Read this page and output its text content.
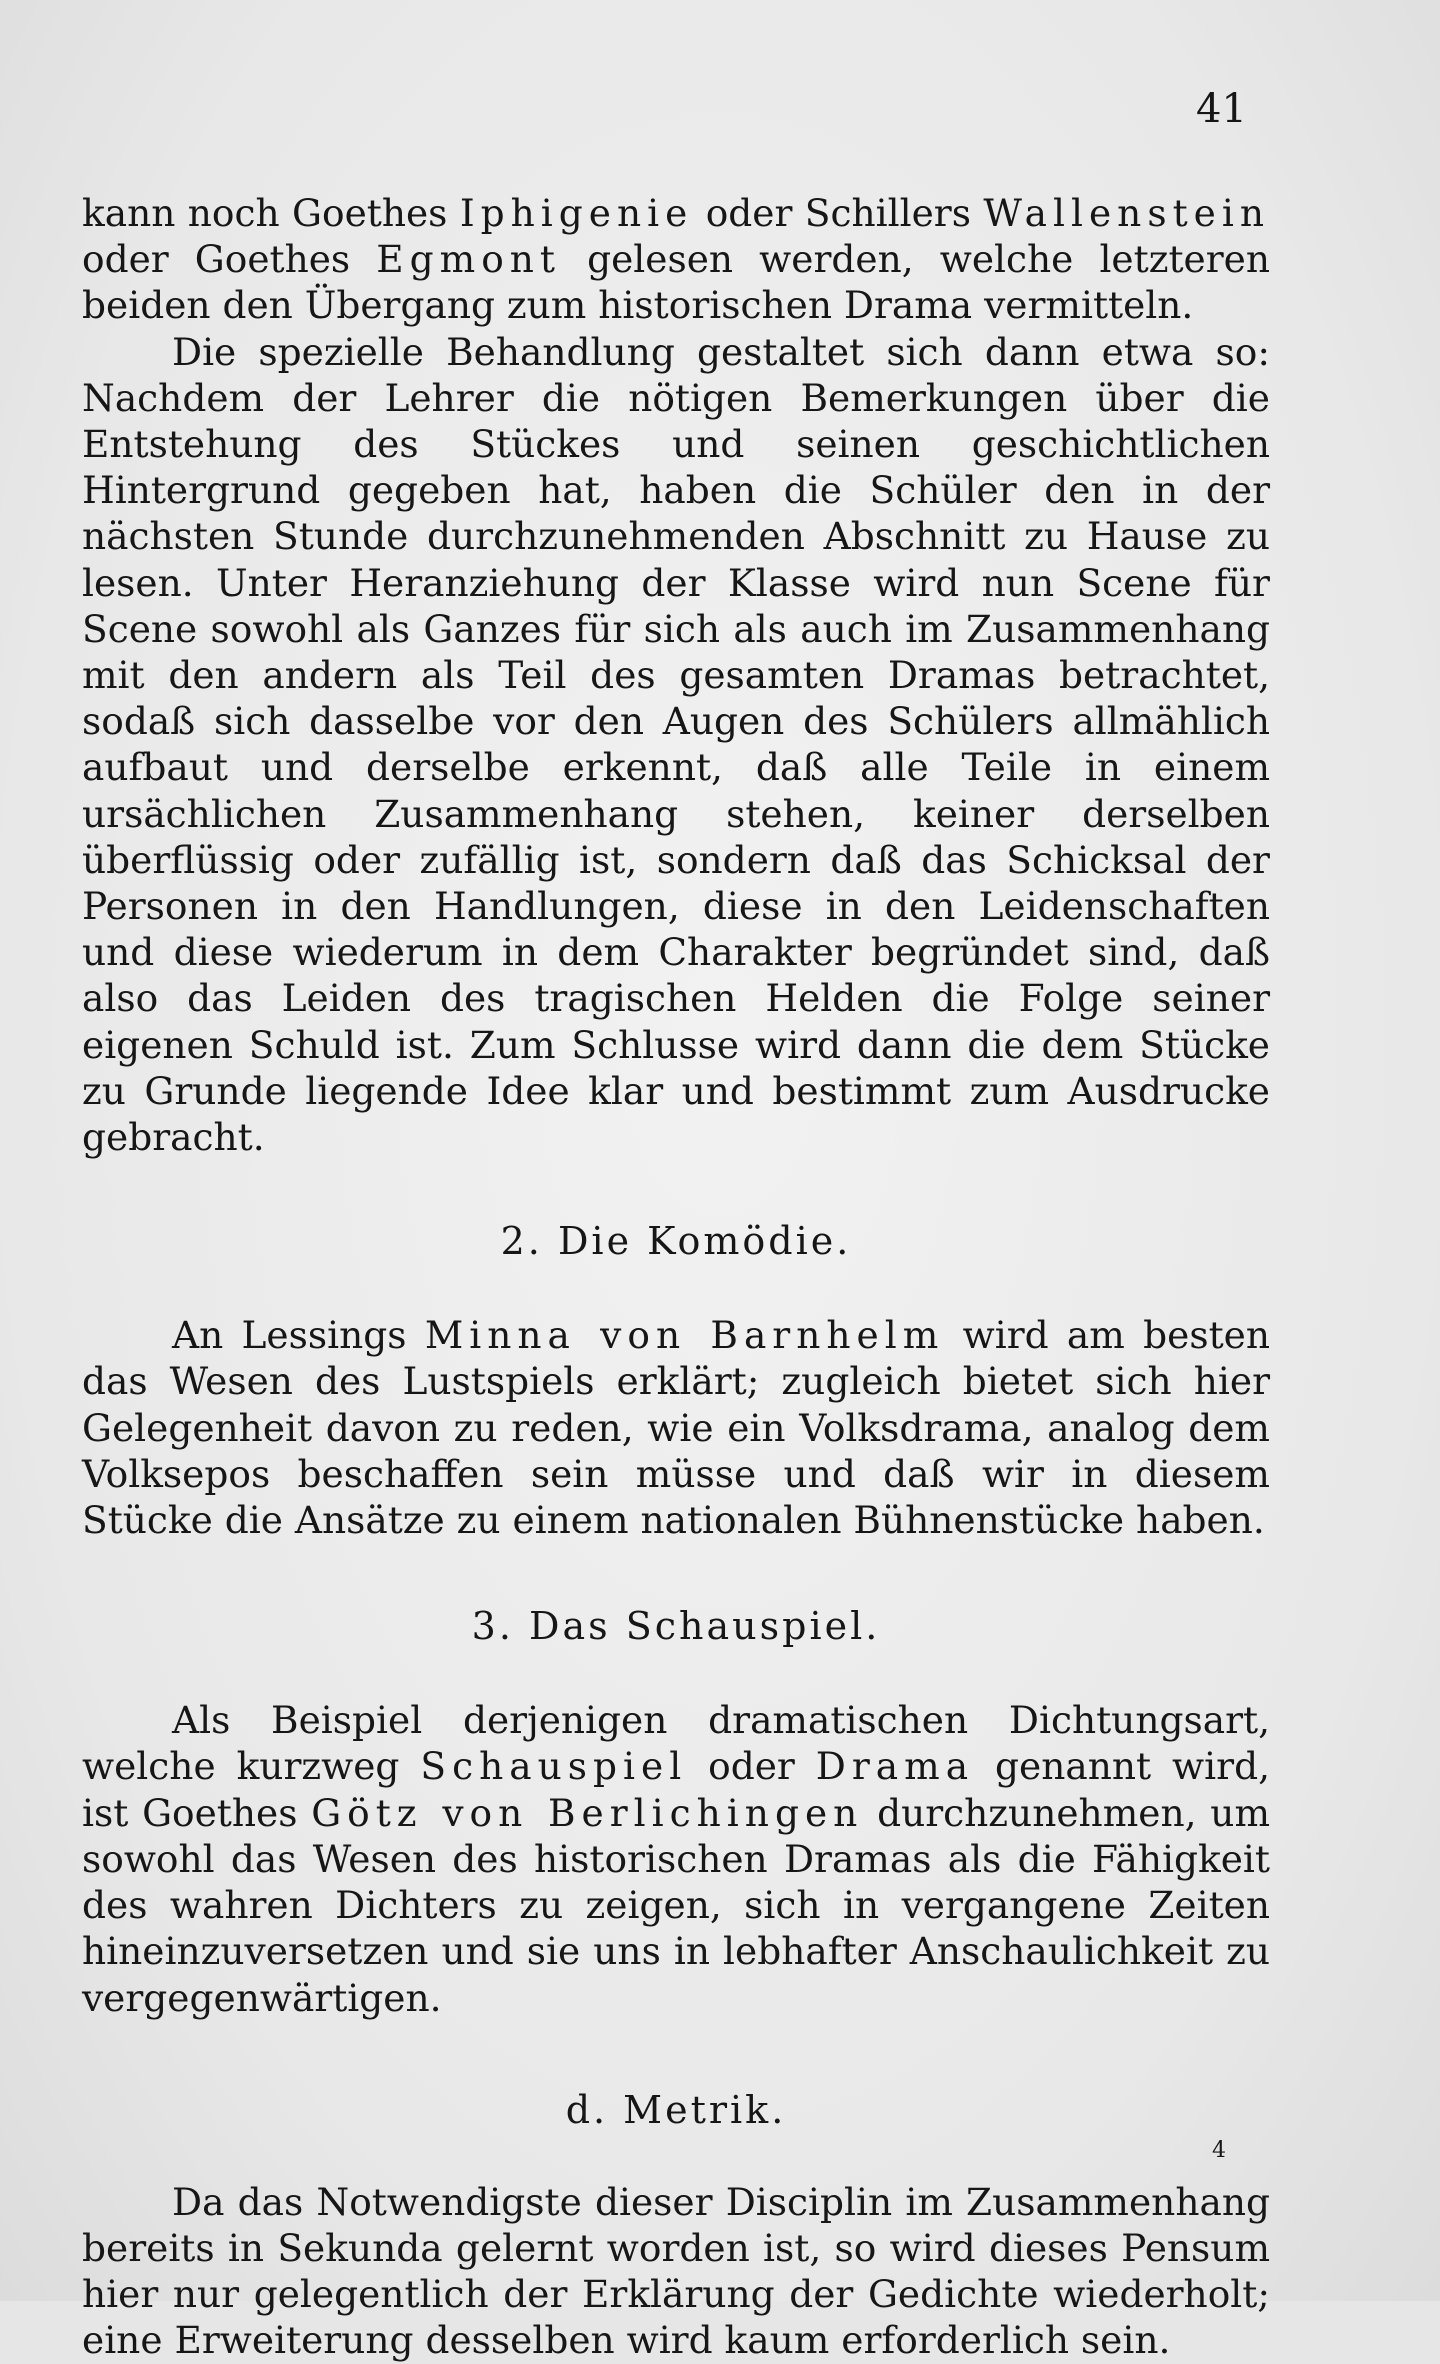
41

kann noch Goethes Iphigenie oder Schillers Wallenstein oder Goethes Egmont gelesen werden, welche letzteren beiden den Übergang zum historischen Drama vermitteln.

Die spezielle Behandlung gestaltet sich dann etwa so: Nachdem der Lehrer die nötigen Bemerkungen über die Entstehung des Stückes und seinen geschichtlichen Hintergrund gegeben hat, haben die Schüler den in der nächsten Stunde durchzunehmenden Abschnitt zu Hause zu lesen. Unter Heranziehung der Klasse wird nun Scene für Scene sowohl als Ganzes für sich als auch im Zusammenhang mit den andern als Teil des gesamten Dramas betrachtet, sodaß sich dasselbe vor den Augen des Schülers allmählich aufbaut und derselbe erkennt, daß alle Teile in einem ursächlichen Zusammenhang stehen, keiner derselben überflüssig oder zufällig ist, sondern daß das Schicksal der Personen in den Handlungen, diese in den Leidenschaften und diese wiederum in dem Charakter begründet sind, daß also das Leiden des tragischen Helden die Folge seiner eigenen Schuld ist. Zum Schlusse wird dann die dem Stücke zu Grunde liegende Idee klar und bestimmt zum Ausdrucke gebracht.

2. Die Komödie.

An Lessings Minna von Barnhelm wird am besten das Wesen des Lustspiels erklärt; zugleich bietet sich hier Gelegenheit davon zu reden, wie ein Volksdrama, analog dem Volksepos beschaffen sein müsse und daß wir in diesem Stücke die Ansätze zu einem nationalen Bühnenstücke haben.

3. Das Schauspiel.

Als Beispiel derjenigen dramatischen Dichtungsart, welche kurzweg Schauspiel oder Drama genannt wird, ist Goethes Götz von Berlichingen durchzunehmen, um sowohl das Wesen des historischen Dramas als die Fähigkeit des wahren Dichters zu zeigen, sich in vergangene Zeiten hineinzuversetzen und sie uns in lebhafter Anschaulichkeit zu vergegenwärtigen.

d. Metrik.

Da das Notwendigste dieser Disciplin im Zusammenhang bereits in Sekunda gelernt worden ist, so wird dieses Pensum hier nur gelegentlich der Erklärung der Gedichte wiederholt; eine Erweiterung desselben wird kaum erforderlich sein.

4
